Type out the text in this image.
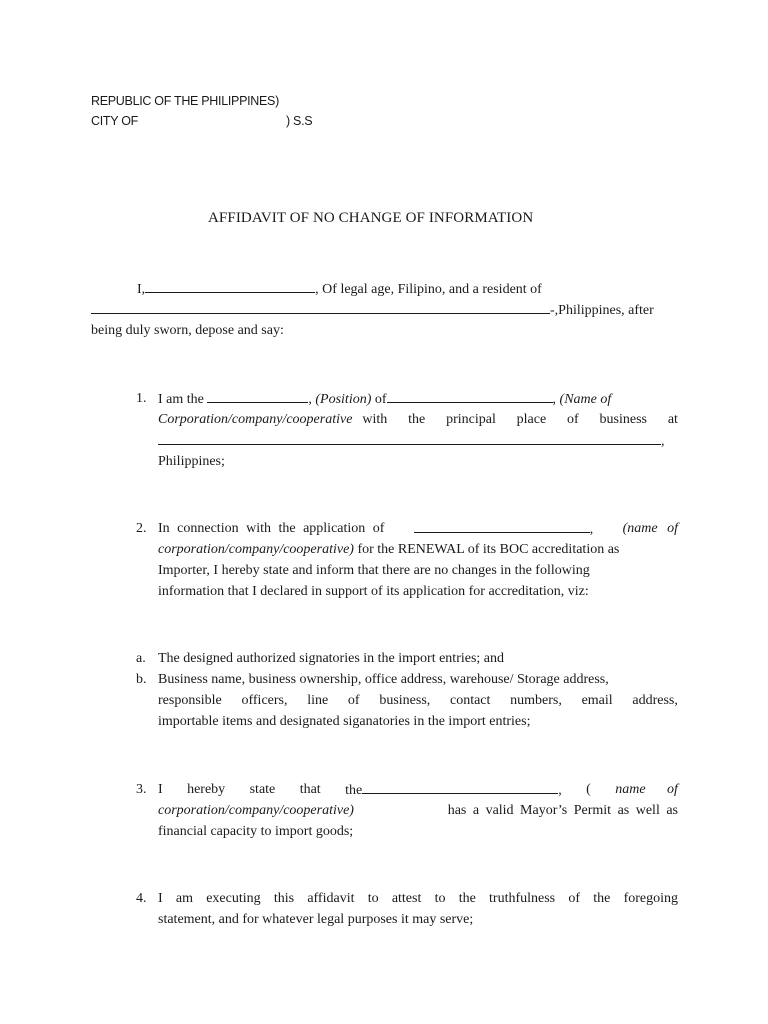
REPUBLIC OF THE PHILIPPINES)
CITY OF	) S.S
AFFIDAVIT OF NO CHANGE OF INFORMATION
I,	, Of legal age, Filipino, and a resident of
-,Philippines, after
being duly sworn, depose and say:
1. I am the	, (Position) of	, (Name of
Corporation/company/cooperative with the principal place of business at
,
Philippines;
2. In connection with the application of	, (name of
corporation/company/cooperative) for the RENEWAL of its BOC accreditation as
Importer, I hereby state and inform that there are no changes in the following
information that I declared in support of its application for accreditation, viz:
a. The designed authorized signatories in the import entries; and
b. Business name, business ownership, office address, warehouse/ Storage address,
responsible officers, line of business, contact numbers, email address,
importable items and designated siganatories in the import entries;
3. I hereby state that the	, ( name of
corporation/company/cooperative)	has a valid Mayor’s Permit as well as
financial capacity to import goods;
4. I am executing this affidavit to attest to the truthfulness of the foregoing
statement, and for whatever legal purposes it may serve;
